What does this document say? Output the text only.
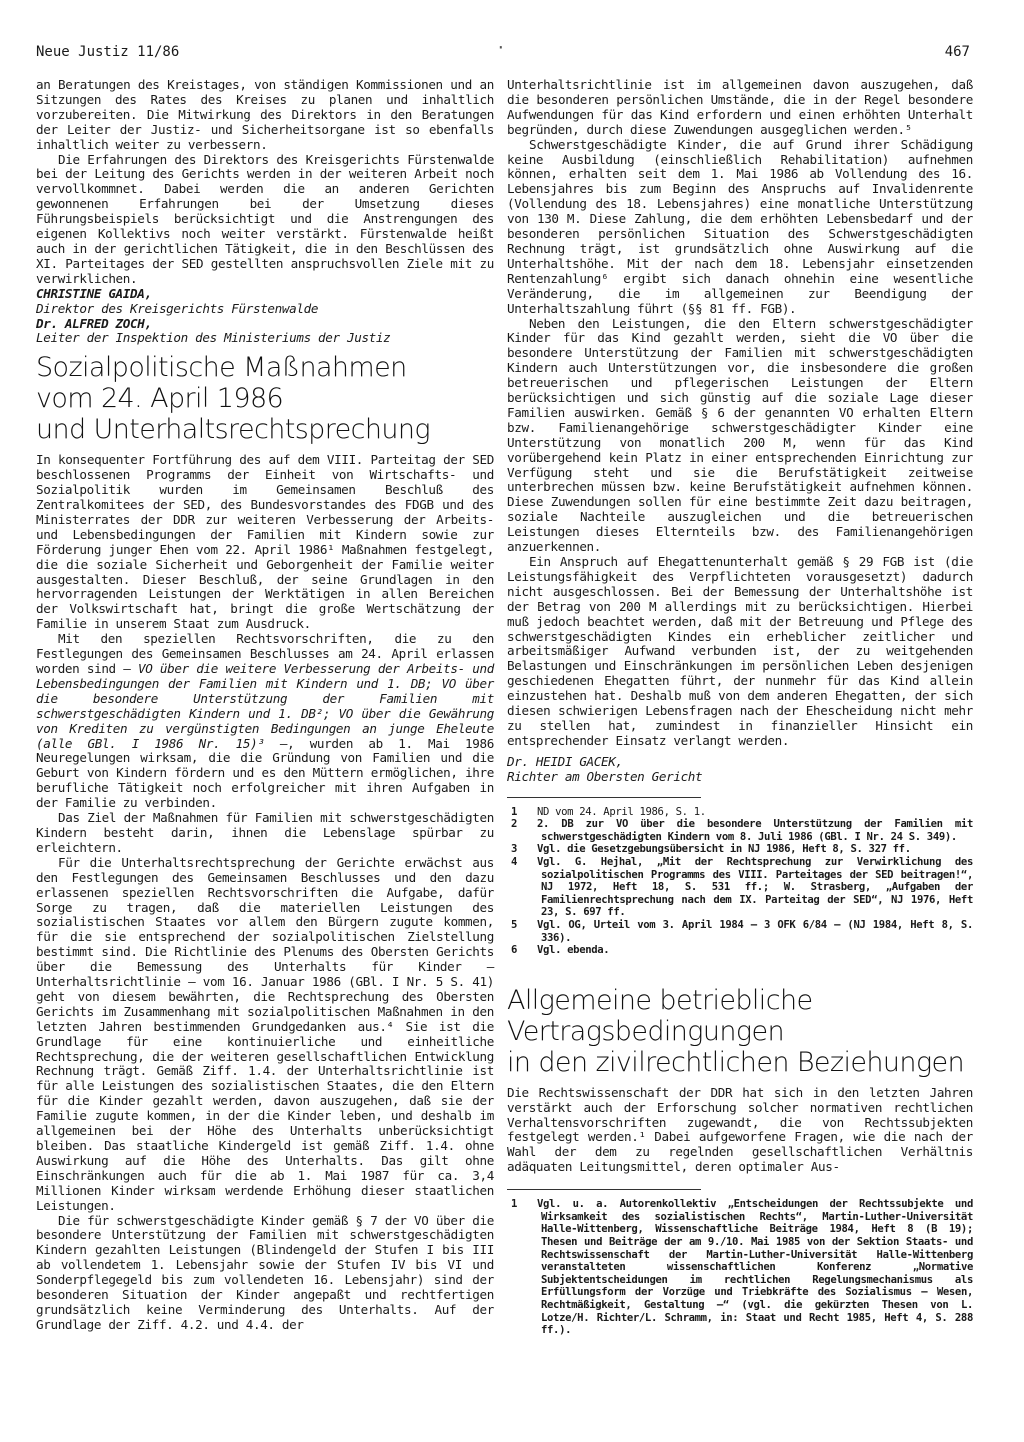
Neue Justiz 11/86	·	467

an Beratungen des Kreistages, von ständigen Kommissionen und an Sitzungen des Rates des Kreises zu planen und inhaltlich vorzubereiten. Die Mitwirkung des Direktors in den Beratungen der Leiter der Justiz- und Sicherheitsorgane ist so ebenfalls inhaltlich weiter zu verbessern.

Die Erfahrungen des Direktors des Kreisgerichts Fürstenwalde bei der Leitung des Gerichts werden in der weiteren Arbeit noch vervollkommnet. Dabei werden die an anderen Gerichten gewonnenen Erfahrungen bei der Umsetzung dieses Führungsbeispiels berücksichtigt und die Anstrengungen des eigenen Kollektivs noch weiter verstärkt. Fürstenwalde heißt auch in der gerichtlichen Tätigkeit, die in den Beschlüssen des XI. Parteitages der SED gestellten anspruchsvollen Ziele mit zu verwirklichen.

CHRISTINE GAIDA,

Direktor des Kreisgerichts Fürstenwalde

Dr. ALFRED ZOCH,

Leiter der Inspektion des Ministeriums der Justiz

Sozialpolitische Maßnahmen
vom 24. April 1986
und Unterhaltsrechtsprechung

In konsequenter Fortführung des auf dem VIII. Parteitag der SED beschlossenen Programms der Einheit von Wirtschafts- und Sozialpolitik wurden im Gemeinsamen Beschluß des Zentralkomitees der SED, des Bundesvorstandes des FDGB und des Ministerrates der DDR zur weiteren Verbesserung der Arbeits- und Lebensbedingungen der Familien mit Kindern sowie zur Förderung junger Ehen vom 22. April 1986¹ Maßnahmen festgelegt, die die soziale Sicherheit und Geborgenheit der Familie weiter ausgestalten. Dieser Beschluß, der seine Grundlagen in den hervorragenden Leistungen der Werktätigen in allen Bereichen der Volkswirtschaft hat, bringt die große Wertschätzung der Familie in unserem Staat zum Ausdruck.

Mit den speziellen Rechtsvorschriften, die zu den Festlegungen des Gemeinsamen Beschlusses am 24. April erlassen worden sind — VO über die weitere Verbesserung der Arbeits- und Lebensbedingungen der Familien mit Kindern und 1. DB; VO über die besondere Unterstützung der Familien mit schwerstgeschädigten Kindern und 1. DB²; VO über die Gewährung von Krediten zu vergünstigten Bedingungen an junge Eheleute (alle GBl. I 1986 Nr. 15)³ —, wurden ab 1. Mai 1986 Neuregelungen wirksam, die die Gründung von Familien und die Geburt von Kindern fördern und es den Müttern ermöglichen, ihre berufliche Tätigkeit noch erfolgreicher mit ihren Aufgaben in der Familie zu verbinden.

Das Ziel der Maßnahmen für Familien mit schwerstgeschädigten Kindern besteht darin, ihnen die Lebenslage spürbar zu erleichtern.

Für die Unterhaltsrechtsprechung der Gerichte erwächst aus den Festlegungen des Gemeinsamen Beschlusses und den dazu erlassenen speziellen Rechtsvorschriften die Aufgabe, dafür Sorge zu tragen, daß die materiellen Leistungen des sozialistischen Staates vor allem den Bürgern zugute kommen, für die sie entsprechend der sozialpolitischen Zielstellung bestimmt sind. Die Richtlinie des Plenums des Obersten Gerichts über die Bemessung des Unterhalts für Kinder — Unterhaltsrichtlinie — vom 16. Januar 1986 (GBl. I Nr. 5 S. 41) geht von diesem bewährten, die Rechtsprechung des Obersten Gerichts im Zusammenhang mit sozialpolitischen Maßnahmen in den letzten Jahren bestimmenden Grundgedanken aus.⁴ Sie ist die Grundlage für eine kontinuierliche und einheitliche Rechtsprechung, die der weiteren gesellschaftlichen Entwicklung Rechnung trägt. Gemäß Ziff. 1.4. der Unterhaltsrichtlinie ist für alle Leistungen des sozialistischen Staates, die den Eltern für die Kinder gezahlt werden, davon auszugehen, daß sie der Familie zugute kommen, in der die Kinder leben, und deshalb im allgemeinen bei der Höhe des Unterhalts unberücksichtigt bleiben. Das staatliche Kindergeld ist gemäß Ziff. 1.4. ohne Auswirkung auf die Höhe des Unterhalts. Das gilt ohne Einschränkungen auch für die ab 1. Mai 1987 für ca. 3,4 Millionen Kinder wirksam werdende Erhöhung dieser staatlichen Leistungen.

Die für schwerstgeschädigte Kinder gemäß § 7 der VO über die besondere Unterstützung der Familien mit schwerstgeschädigten Kindern gezahlten Leistungen (Blindengeld der Stufen I bis III ab vollendetem 1. Lebensjahr sowie der Stufen IV bis VI und Sonderpflegegeld bis zum vollendeten 16. Lebensjahr) sind der besonderen Situation der Kinder angepaßt und rechtfertigen grundsätzlich keine Verminderung des Unterhalts. Auf der Grundlage der Ziff. 4.2. und 4.4. der

Unterhaltsrichtlinie ist im allgemeinen davon auszugehen, daß die besonderen persönlichen Umstände, die in der Regel besondere Aufwendungen für das Kind erfordern und einen erhöhten Unterhalt begründen, durch diese Zuwendungen ausgeglichen werden.⁵

Schwerstgeschädigte Kinder, die auf Grund ihrer Schädigung keine Ausbildung (einschließlich Rehabilitation) aufnehmen können, erhalten seit dem 1. Mai 1986 ab Vollendung des 16. Lebensjahres bis zum Beginn des Anspruchs auf Invalidenrente (Vollendung des 18. Lebensjahres) eine monatliche Unterstützung von 130 M. Diese Zahlung, die dem erhöhten Lebensbedarf und der besonderen persönlichen Situation des Schwerstgeschädigten Rechnung trägt, ist grundsätzlich ohne Auswirkung auf die Unterhaltshöhe. Mit der nach dem 18. Lebensjahr einsetzenden Rentenzahlung⁶ ergibt sich danach ohnehin eine wesentliche Veränderung, die im allgemeinen zur Beendigung der Unterhaltszahlung führt (§§ 81 ff. FGB).

Neben den Leistungen, die den Eltern schwerstgeschädigter Kinder für das Kind gezahlt werden, sieht die VO über die besondere Unterstützung der Familien mit schwerstgeschädigten Kindern auch Unterstützungen vor, die insbesondere die großen betreuerischen und pflegerischen Leistungen der Eltern berücksichtigen und sich günstig auf die soziale Lage dieser Familien auswirken. Gemäß § 6 der genannten VO erhalten Eltern bzw. Familienangehörige schwerstgeschädigter Kinder eine Unterstützung von monatlich 200 M, wenn für das Kind vorübergehend kein Platz in einer entsprechenden Einrichtung zur Verfügung steht und sie die Berufstätigkeit zeitweise unterbrechen müssen bzw. keine Berufstätigkeit aufnehmen können. Diese Zuwendungen sollen für eine bestimmte Zeit dazu beitragen, soziale Nachteile auszugleichen und die betreuerischen Leistungen dieses Elternteils bzw. des Familienangehörigen anzuerkennen.

Ein Anspruch auf Ehegattenunterhalt gemäß § 29 FGB ist (die Leistungsfähigkeit des Verpflichteten vorausgesetzt) dadurch nicht ausgeschlossen. Bei der Bemessung der Unterhaltshöhe ist der Betrag von 200 M allerdings mit zu berücksichtigen. Hierbei muß jedoch beachtet werden, daß mit der Betreuung und Pflege des schwerstgeschädigten Kindes ein erheblicher zeitlicher und arbeitsmäßiger Aufwand verbunden ist, der zu weitgehenden Belastungen und Einschränkungen im persönlichen Leben desjenigen geschiedenen Ehegatten führt, der nunmehr für das Kind allein einzustehen hat. Deshalb muß von dem anderen Ehegatten, der sich diesen schwierigen Lebensfragen nach der Ehescheidung nicht mehr zu stellen hat, zumindest in finanzieller Hinsicht ein entsprechender Einsatz verlangt werden.

Dr. HEIDI GACEK,

Richter am Obersten Gericht

1 ND vom 24. April 1986, S. 1.

2 2. DB zur VO über die besondere Unterstützung der Familien mit schwerstgeschädigten Kindern vom 8. Juli 1986 (GBl. I Nr. 24 S. 349).

3 Vgl. die Gesetzgebungsübersicht in NJ 1986, Heft 8, S. 327 ff.

4 Vgl. G. Hejhal, „Mit der Rechtsprechung zur Verwirklichung des sozialpolitischen Programms des VIII. Parteitages der SED beitragen!“, NJ 1972, Heft 18, S. 531 ff.; W. Strasberg, „Aufgaben der Familienrechtsprechung nach dem IX. Parteitag der SED“, NJ 1976, Heft 23, S. 697 ff.

5 Vgl. OG, Urteil vom 3. April 1984 — 3 OFK 6/84 — (NJ 1984, Heft 8, S. 336).

6 Vgl. ebenda.

Allgemeine betriebliche
Vertragsbedingungen
in den zivilrechtlichen Beziehungen

Die Rechtswissenschaft der DDR hat sich in den letzten Jahren verstärkt auch der Erforschung solcher normativen rechtlichen Verhaltensvorschriften zugewandt, die von Rechtssubjekten festgelegt werden.¹ Dabei aufgeworfene Fragen, wie die nach der Wahl der dem zu regelnden gesellschaftlichen Verhältnis adäquaten Leitungsmittel, deren optimaler Aus-

1 Vgl. u. a. Autorenkollektiv „Entscheidungen der Rechtssubjekte und Wirksamkeit des sozialistischen Rechts“, Martin-Luther-Universität Halle-Wittenberg, Wissenschaftliche Beiträge 1984, Heft 8 (B 19); Thesen und Beiträge der am 9./10. Mai 1985 von der Sektion Staats- und Rechtswissenschaft der Martin-Luther-Universität Halle-Wittenberg veranstalteten wissenschaftlichen Konferenz „Normative Subjektentscheidungen im rechtlichen Regelungsmechanismus als Erfüllungsform der Vorzüge und Triebkräfte des Sozialismus — Wesen, Rechtmäßigkeit, Gestaltung —“ (vgl. die gekürzten Thesen von L. Lotze/H. Richter/L. Schramm, in: Staat und Recht 1985, Heft 4, S. 288 ff.).
